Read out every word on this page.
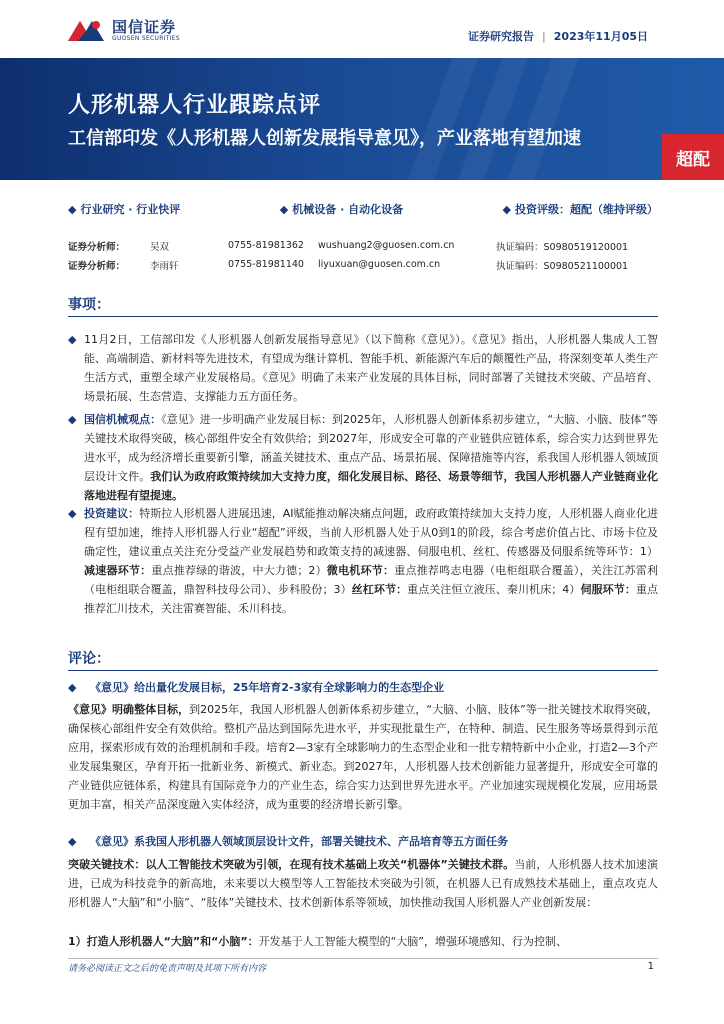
国信证券
GUOSEN SECURITIES	证券研究报告 | 2023年11月05日
人形机器人行业跟踪点评
工信部印发《人形机器人创新发展指导意见》，产业落地有望加速
超配
◆ 行业研究 · 行业快评	◆ 机械设备 · 自动化设备	◆ 投资评级：超配（维持评级）
证券分析师：	吴双	0755-81981362	wushuang2@guosen.com.cn	执证编码：S0980519120001
证券分析师：	李雨轩	0755-81981140	liyuxuan@guosen.com.cn	执证编码：S0980521100001
事项：
◆ 11月2日，工信部印发《人形机器人创新发展指导意见》（以下简称《意见》）。《意见》指出，人形机器人集成人工智能、高端制造、新材料等先进技术，有望成为继计算机、智能手机、新能源汽车后的颠覆性产品，将深刻变革人类生产生活方式，重塑全球产业发展格局。《意见》明确了未来产业发展的具体目标，同时部署了关键技术突破、产品培育、场景拓展、生态营造、支撑能力五方面任务。
◆ 国信机械观点：《意见》进一步明确产业发展目标：到2025年，人形机器人创新体系初步建立，“大脑、小脑、肢体”等关键技术取得突破，核心部组件安全有效供给；到2027年，形成安全可靠的产业链供应链体系，综合实力达到世界先进水平，成为经济增长重要新引擎，涵盖关键技术、重点产品、场景拓展、保障措施等内容，系我国人形机器人领域顶层设计文件。我们认为政府政策持续加大支持力度，细化发展目标、路径、场景等细节，我国人形机器人产业链商业化落地进程有望提速。
◆ 投资建议：特斯拉人形机器人进展迅速，AI赋能推动解决痛点问题，政府政策持续加大支持力度，人形机器人商业化进程有望加速，维持人形机器人行业“超配”评级，当前人形机器人处于从0到1的阶段，综合考虑价值占比、市场卡位及确定性，建议重点关注充分受益产业发展趋势和政策支持的减速器、伺服电机、丝杠、传感器及伺服系统等环节：1）减速器环节：重点推荐绿的谐波，中大力德；2）微电机环节：重点推荐鸣志电器（电柜组联合覆盖），关注江苏雷利（电柜组联合覆盖，鼎智科技母公司）、步科股份；3）丝杠环节：重点关注恒立液压、秦川机床；4）伺服环节：重点推荐汇川技术，关注雷赛智能、禾川科技。
评论：
◆	《意见》给出量化发展目标，25年培育2-3家有全球影响力的生态型企业
《意见》明确整体目标，到2025年，我国人形机器人创新体系初步建立，“大脑、小脑、肢体”等一批关键技术取得突破，确保核心部组件安全有效供给。整机产品达到国际先进水平，并实现批量生产，在特种、制造、民生服务等场景得到示范应用，探索形成有效的治理机制和手段。培育2—3家有全球影响力的生态型企业和一批专精特新中小企业，打造2—3个产业发展集聚区，孕育开拓一批新业务、新模式、新业态。到2027年，人形机器人技术创新能力显著提升，形成安全可靠的产业链供应链体系，构建具有国际竞争力的产业生态，综合实力达到世界先进水平。产业加速实现规模化发展，应用场景更加丰富，相关产品深度融入实体经济，成为重要的经济增长新引擎。
◆	《意见》系我国人形机器人领域顶层设计文件，部署关键技术、产品培育等五方面任务
突破关键技术：以人工智能技术突破为引领，在现有技术基础上攻关“机器体”关键技术群。当前，人形机器人技术加速演进，已成为科技竞争的新高地，未来要以大模型等人工智能技术突破为引领，在机器人已有成熟技术基础上，重点攻克人形机器人“大脑”和“小脑”、“肢体”关键技术、技术创新体系等领域，加快推动我国人形机器人产业创新发展：
1）打造人形机器人“大脑”和“小脑”：开发基于人工智能大模型的“大脑”，增强环境感知、行为控制、
请务必阅读正文之后的免责声明及其项下所有内容	1
